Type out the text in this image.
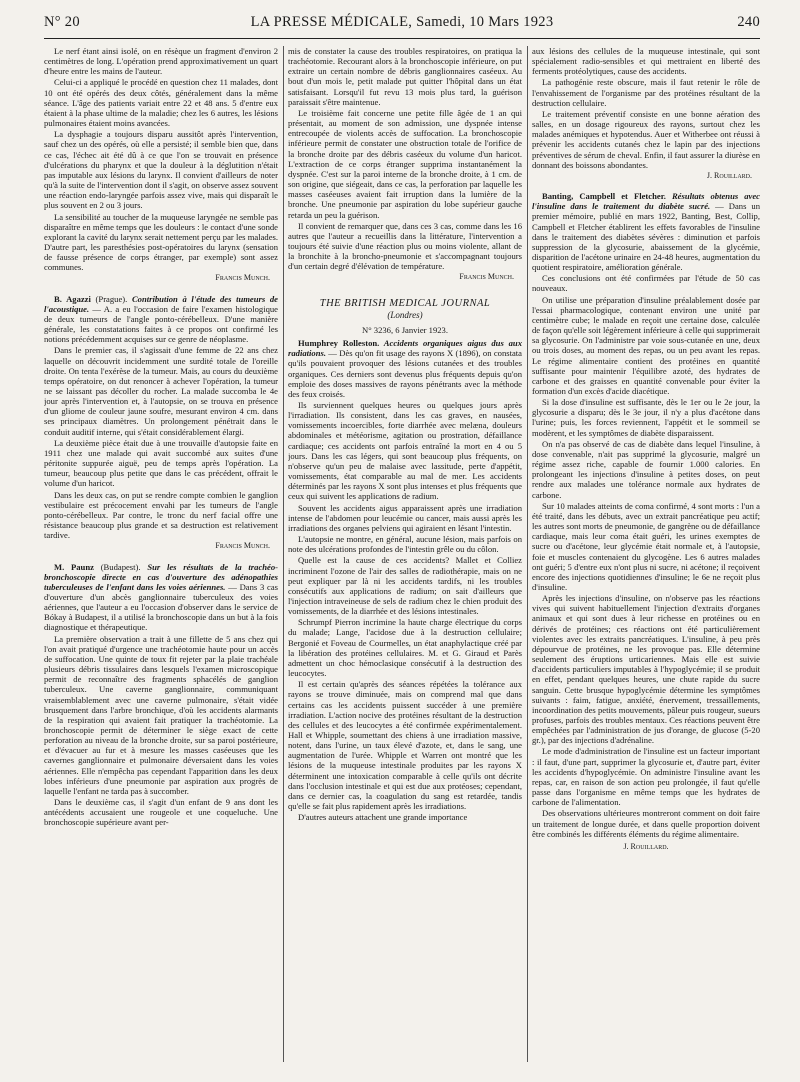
N° 20	LA PRESSE MÉDICALE, Samedi, 10 Mars 1923	240

Le nerf étant ainsi isolé, on en résèque un fragment d'environ 2 centimètres de long. L'opération prend approximativement un quart d'heure entre les mains de l'auteur.

Celui-ci a appliqué le procédé en question chez 11 malades, dont 10 ont été opérés des deux côtés, généralement dans la même séance. L'âge des patients variait entre 22 et 48 ans. 5 d'entre eux étaient à la phase ultime de la maladie; chez les 6 autres, les lésions pulmonaires étaient moins avancées.

La dysphagie a toujours disparu aussitôt après l'intervention, sauf chez un des opérés, où elle a persisté; il semble bien que, dans ce cas, l'échec ait été dû à ce que l'on se trouvait en présence d'ulcérations du pharynx et que la douleur à la déglutition n'était pas imputable aux lésions du larynx. Il convient d'ailleurs de noter qu'à la suite de l'intervention dont il s'agit, on observe assez souvent une réaction endo-laryngée parfois assez vive, mais qui disparaît le plus souvent en 2 ou 3 jours.

La sensibilité au toucher de la muqueuse laryngée ne semble pas disparaître en même temps que les douleurs : le contact d'une sonde explorant la cavité du larynx serait nettement perçu par les malades. D'autre part, les paresthésies post-opératoires du larynx (sensation de fausse présence de corps étranger, par exemple) sont assez communes.

Francis Munch.

B. Agazzi (Prague). Contribution à l'étude des tumeurs de l'acoustique. — A. a eu l'occasion de faire l'examen histologique de deux tumeurs de l'angle ponto-cérébelleux. D'une manière générale, les constatations faites à ce propos ont confirmé les notions précédemment acquises sur ce genre de néoplasme.

Dans le premier cas, il s'agissait d'une femme de 22 ans chez laquelle on découvrit incidemment une surdité totale de l'oreille droite. On tenta l'exérèse de la tumeur. Mais, au cours du deuxième temps opératoire, on dut renoncer à achever l'opération, la tumeur ne se laissant pas décoller du rocher. La malade succomba le 4e jour après l'intervention et, à l'autopsie, on se trouva en présence d'un gliome de couleur jaune soufre, mesurant environ 4 cm. dans ses principaux diamètres. Un prolongement pénétrait dans le conduit auditif interne, qui s'était considérablement élargi.

La deuxième pièce était due à une trouvaille d'autopsie faite en 1911 chez une malade qui avait succombé aux suites d'une péritonite suppurée aiguë, peu de temps après l'opération. La tumeur, beaucoup plus petite que dans le cas précédent, offrait le volume d'un haricot.

Dans les deux cas, on put se rendre compte combien le ganglion vestibulaire est précocement envahi par les tumeurs de l'angle ponto-cérébelleux. Par contre, le tronc du nerf facial offre une résistance beaucoup plus grande et sa destruction est relativement tardive.

Francis Munch.

M. Paunz (Budapest). Sur les résultats de la trachéo-bronchoscopie directe en cas d'ouverture des adénopathies tuberculeuses de l'enfant dans les voies aériennes. — Dans 3 cas d'ouverture d'un abcès ganglionnaire tuberculeux des voies aériennes, que l'auteur a eu l'occasion d'observer dans le service de Bókay à Budapest, il a utilisé la bronchoscopie dans un but à la fois diagnostique et thérapeutique.

La première observation a trait à une fillette de 5 ans chez qui l'on avait pratiqué d'urgence une trachéotomie haute pour un accès de suffocation. Une quinte de toux fit rejeter par la plaie trachéale plusieurs débris tissulaires dans lesquels l'examen microscopique permit de reconnaître des fragments sphacélés de ganglion tuberculeux. Une caverne ganglionnaire, communiquant vraisemblablement avec une caverne pulmonaire, s'était vidée brusquement dans l'arbre bronchique, d'où les accidents alarmants de la respiration qui avaient fait pratiquer la trachéotomie. La bronchoscopie permit de déterminer le siège exact de cette perforation au niveau de la bronche droite, sur sa paroi postérieure, et d'évacuer au fur et à mesure les masses caséeuses que les cavernes ganglionnaire et pulmonaire déversaient dans les voies aériennes. Elle n'empêcha pas cependant l'apparition dans les deux lobes inférieurs d'une pneumonie par aspiration aux progrès de laquelle l'enfant ne tarda pas à succomber.

Dans le deuxième cas, il s'agit d'un enfant de 9 ans dont les antécédents accusaient une rougeole et une coqueluche. Une bronchoscopie supérieure avant per-

mis de constater la cause des troubles respiratoires, on pratiqua la trachéotomie. Recourant alors à la bronchoscopie inférieure, on put extraire un certain nombre de débris ganglionnaires caséeux. Au bout d'un mois le, petit malade put quitter l'hôpital dans un état satisfaisant. Lorsqu'il fut revu 13 mois plus tard, la guérison paraissait s'être maintenue.

Le troisième fait concerne une petite fille âgée de 1 an qui présentait, au moment de son admission, une dyspnée intense entrecoupée de violents accès de suffocation. La bronchoscopie inférieure permit de constater une obstruction totale de l'orifice de la bronche droite par des débris caséeux du volume d'un haricot. L'extraction de ce corps étranger supprima instantanément la dyspnée. C'est sur la paroi interne de la bronche droite, à 1 cm. de son origine, que siégeait, dans ce cas, la perforation par laquelle les masses caséeuses avaient fait irruption dans la lumière de la bronche. Une pneumonie par aspiration du lobe supérieur gauche retarda un peu la guérison.

Il convient de remarquer que, dans ces 3 cas, comme dans les 16 autres que l'auteur a recueillis dans la littérature, l'intervention a toujours été suivie d'une réaction plus ou moins violente, allant de la bronchite à la broncho-pneumonie et s'accompagnant toujours d'un certain degré d'élévation de température.

Francis Munch.
THE BRITISH MEDICAL JOURNAL
(Londres)
N° 3236, 6 Janvier 1923.

Humphrey Rolleston. Accidents organiques aigus dus aux radiations. — Dès qu'on fit usage des rayons X (1896), on constata qu'ils pouvaient provoquer des lésions cutanées et des troubles organiques. Ces derniers sont devenus plus fréquents depuis qu'on emploie des doses massives de rayons pénétrants avec la méthode des feux croisés.

Ils surviennent quelques heures ou quelques jours après l'irradiation. Ils consistent, dans les cas graves, en nausées, vomissements incoercibles, forte diarrhée avec melæna, douleurs abdominales et météorisme, agitation ou prostration, défaillance cardiaque; ces accidents ont parfois entraîné la mort en 4 ou 5 jours. Dans les cas légers, qui sont beaucoup plus fréquents, on n'observe qu'un peu de malaise avec lassitude, perte d'appétit, vomissements, état comparable au mal de mer. Les accidents déterminés par les rayons X sont plus intenses et plus fréquents que ceux qui suivent les applications de radium.

Souvent les accidents aigus apparaissent après une irradiation intense de l'abdomen pour leucémie ou cancer, mais aussi après les irradiations des organes pelviens qui agiraient en lésant l'intestin.

L'autopsie ne montre, en général, aucune lésion, mais parfois on note des ulcérations profondes de l'intestin grêle ou du côlon.

Quelle est la cause de ces accidents? Mallet et Colliez incriminent l'ozone de l'air des salles de radiothérapie, mais on ne peut expliquer par là ni les accidents tardifs, ni les troubles consécutifs aux applications de radium; on sait d'ailleurs que l'injection intraveineuse de sels de radium chez le chien produit des vomissements, de la diarrhée et des lésions intestinales.

Schrumpf Pierron incrimine la haute charge électrique du corps du malade; Lange, l'acidose due à la destruction cellulaire; Bergonié et Foveau de Courmelles, un état anaphylactique créé par la libération des protéines cellulaires. M. et G. Giraud et Parès admettent un choc hémoclasique consécutif à la destruction des leucocytes.

Il est certain qu'après des séances répétées la tolérance aux rayons se trouve diminuée, mais on comprend mal que dans certains cas les accidents puissent succéder à une première irradiation. L'action nocive des protéines résultant de la destruction des cellules et des leucocytes a été confirmée expérimentalement. Hall et Whipple, soumettant des chiens à une irradiation massive, notent, dans l'urine, un taux élevé d'azote, et, dans le sang, une augmentation de l'urée. Whipple et Warren ont montré que les lésions de la muqueuse intestinale produites par les rayons X déterminent une intoxication comparable à celle qu'ils ont décrite dans l'occlusion intestinale et qui est due aux protéoses; cependant, dans ce dernier cas, la coagulation du sang est retardée, tandis qu'elle se fait plus rapidement après les irradiations.

D'autres auteurs attachent une grande importance

aux lésions des cellules de la muqueuse intestinale, qui sont spécialement radio-sensibles et qui mettraient en liberté des ferments protéolytiques, cause des accidents.

La pathogénie reste obscure, mais il faut retenir le rôle de l'envahissement de l'organisme par des protéines résultant de la destruction cellulaire.

Le traitement préventif consiste en une bonne aération des salles, en un dosage rigoureux des rayons, surtout chez les malades anémiques et hypotendus. Auer et Witherbee ont réussi à prévenir les accidents cutanés chez le lapin par des injections préventives de sérum de cheval. Enfin, il faut assurer la diurèse en donnant des boissons abondantes.

J. Rouillard.

Banting, Campbell et Fletcher. Résultats obtenus avec l'insuline dans le traitement du diabète sucré. — Dans un premier mémoire, publié en mars 1922, Banting, Best, Collip, Campbell et Fletcher établirent les effets favorables de l'insuline dans le traitement des diabètes sévères : diminution et parfois suppression de la glycosurie, abaissement de la glycémie, disparition de l'acétone urinaire en 24-48 heures, augmentation du quotient respiratoire, amélioration générale.

Ces conclusions ont été confirmées par l'étude de 50 cas nouveaux.

On utilise une préparation d'insuline préalablement dosée par l'essai pharmacologique, contenant environ une unité par centimètre cube; le malade en reçoit une certaine dose, calculée de façon qu'elle soit légèrement inférieure à celle qui supprimerait sa glycosurie. On l'administre par voie sous-cutanée en une, deux ou trois doses, au moment des repas, ou un peu avant les repas. Le régime alimentaire contient des protéines en quantité suffisante pour maintenir l'équilibre azoté, des hydrates de carbone et des graisses en quantité convenable pour éviter la formation d'un excès d'acide diacétique.

Si la dose d'insuline est suffisante, dès le 1er ou le 2e jour, la glycosurie a disparu; dès le 3e jour, il n'y a plus d'acétone dans l'urine; puis, les forces reviennent, l'appétit et le sommeil se modèrent, et les symptômes de diabète disparaissent.

On n'a pas observé de cas de diabète dans lequel l'insuline, à dose convenable, n'ait pas supprimé la glycosurie, malgré un régime assez riche, capable de fournir 1.000 calories. En prolongeant les injections d'insuline à petites doses, on peut rendre aux malades une tolérance normale aux hydrates de carbone.

Sur 10 malades atteints de coma confirmé, 4 sont morts : l'un a été traité, dans les débuts, avec un extrait pancréatique peu actif; les autres sont morts de pneumonie, de gangrène ou de défaillance cardiaque, mais leur coma était guéri, les urines exemptes de sucre ou d'acétone, leur glycémie était normale et, à l'autopsie, foie et muscles contenaient du glycogène. Les 6 autres malades ont guéri; 5 d'entre eux n'ont plus ni sucre, ni acétone; il reçoivent encore des injections quotidiennes d'insuline; le 6e ne reçoit plus d'insuline.

Après les injections d'insuline, on n'observe pas les réactions vives qui suivent habituellement l'injection d'extraits d'organes animaux et qui sont dues à leur richesse en protéines ou en dérivés de protéines; ces réactions ont été particulièrement violentes avec les extraits pancréatiques. L'insuline, à peu près dépourvue de protéines, ne les provoque pas. Elle détermine seulement des éruptions urticariennes. Mais elle est suivie d'accidents particuliers imputables à l'hypoglycémie; il se produit en effet, pendant quelques heures, une chute rapide du sucre sanguin. Cette brusque hypoglycémie détermine les symptômes suivants : faim, fatigue, anxiété, énervement, tressaillements, incoordination des petits mouvements, pâleur puis rougeur, sueurs profuses, parfois des troubles mentaux. Ces réactions peuvent être empêchées par l'administration de jus d'orange, de glucose (5-20 gr.), par des injections d'adrénaline.

Le mode d'administration de l'insuline est un facteur important : il faut, d'une part, supprimer la glycosurie et, d'autre part, éviter les accidents d'hypoglycémie. On administre l'insuline avant les repas, car, en raison de son action peu prolongée, il faut qu'elle passe dans l'organisme en même temps que les hydrates de carbone de l'alimentation.

Des observations ultérieures montreront comment on doit faire un traitement de longue durée, et dans quelle proportion doivent être combinés les différents éléments du régime alimentaire.

J. Rouillard.
